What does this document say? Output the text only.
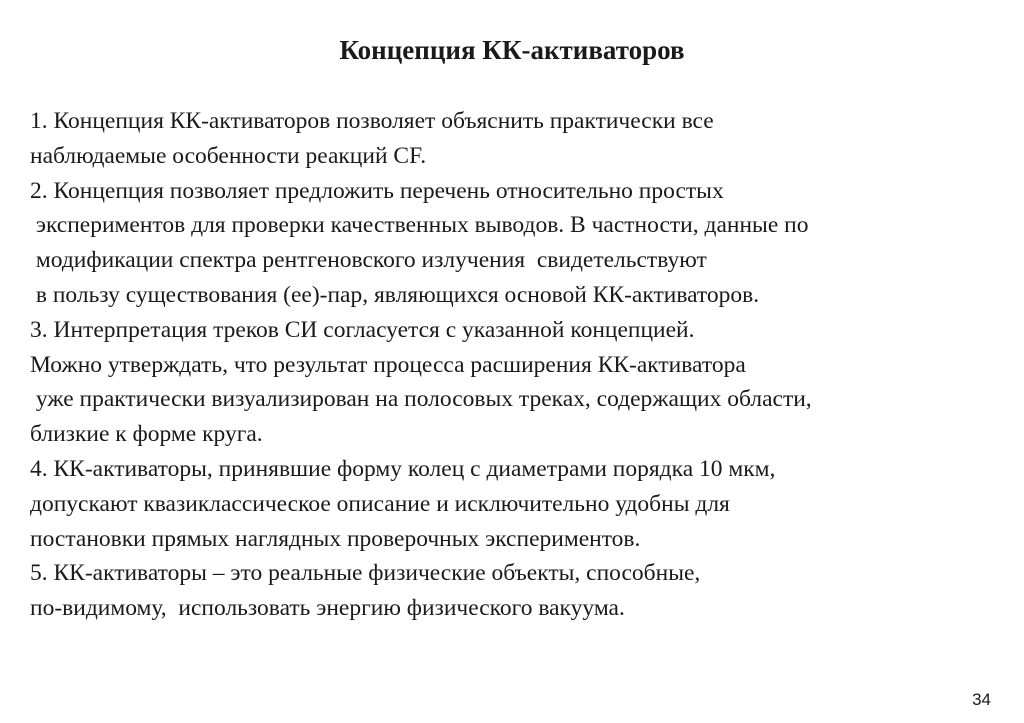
Концепция КК-активаторов
1. Концепция КК-активаторов позволяет объяснить практически все
наблюдаемые особенности реакций CF.
2. Концепция позволяет предложить перечень относительно простых
экспериментов для проверки качественных выводов. В частности, данные по
модификации спектра рентгеновского излучения  свидетельствуют
в пользу существования (ее)-пар, являющихся основой КК-активаторов.
3. Интерпретация треков СИ согласуется с указанной концепцией.
Можно утверждать, что результат процесса расширения КК-активатора
уже практически визуализирован на полосовых треках, содержащих области,
близкие к форме круга.
4. КК-активаторы, принявшие форму колец с диаметрами порядка 10 мкм,
допускают квазиклассическое описание и исключительно удобны для
постановки прямых наглядных проверочных экспериментов.
5. КК-активаторы – это реальные физические объекты, способные,
по-видимому,  использовать энергию физического вакуума.
34
